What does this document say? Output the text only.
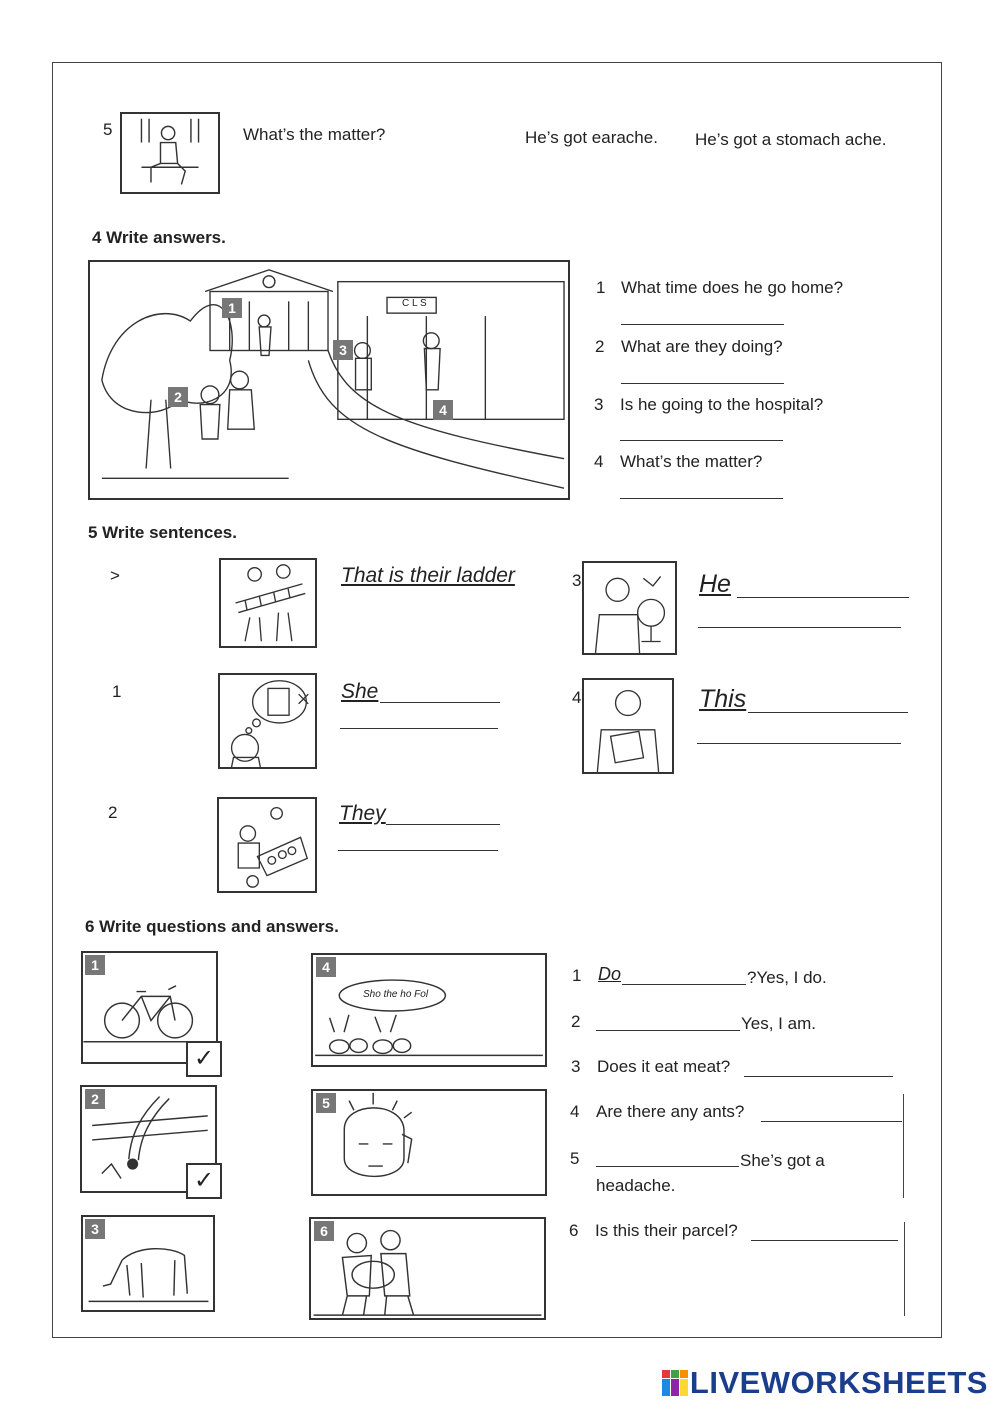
5	What’s the matter?	He’s got earache. He’s got a stomach ache.
4 Write answers.
C L S
1
2
3
4
1 What time does he go home?
2 What are they doing?
3 Is he going to the hospital?
4 What’s the matter?
5 Write sentences.
>	That is their ladder
1	She
2	They
3	He
4	This
6 Write questions and answers.
1
✓
2
✓
3
Sho the ho Fol
4
5
6
1 Do	?Yes, I do.
2	Yes, I am.
3 Does it eat meat?
4 Are there any ants?
5	She’s got a
headache.
6 Is this their parcel?
LIVEWORKSHEETS
